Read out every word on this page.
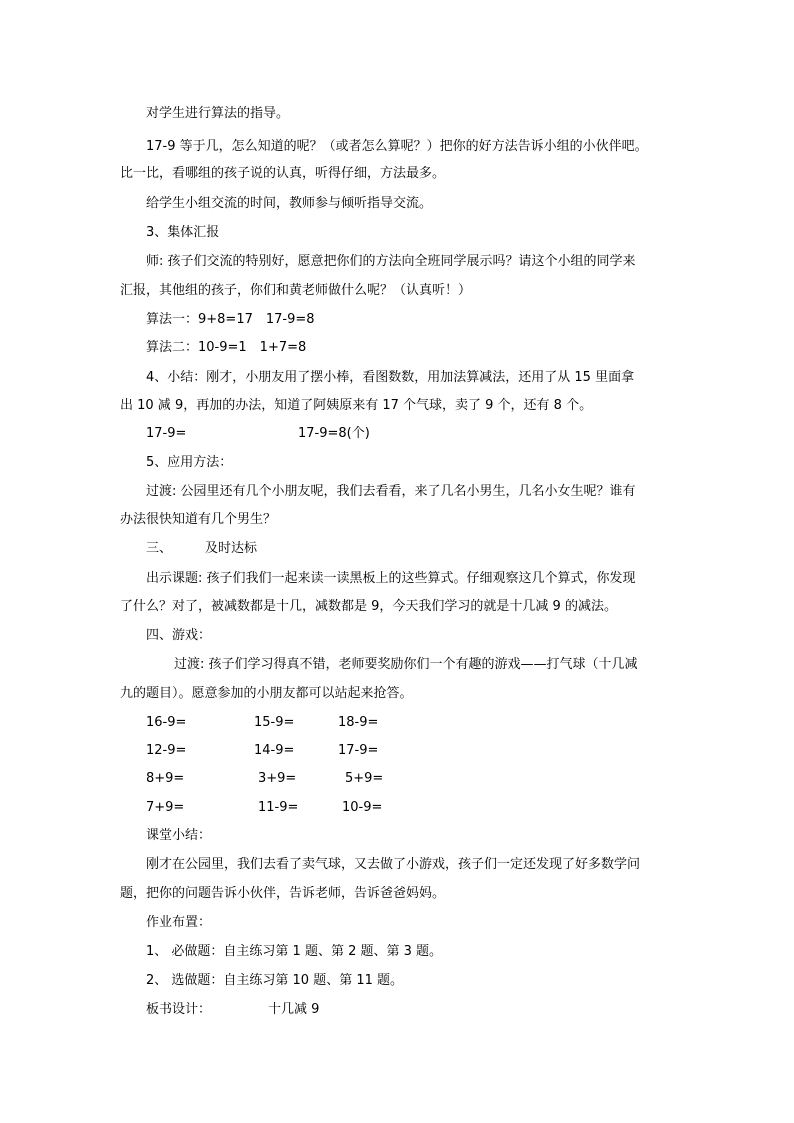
对学生进行算法的指导。
17-9 等于几，怎么知道的呢？（或者怎么算呢？）把你的好方法告诉小组的小伙伴吧。
比一比，看哪组的孩子说的认真，听得仔细，方法最多。
给学生小组交流的时间，教师参与倾听指导交流。
3、集体汇报
师: 孩子们交流的特别好，愿意把你们的方法向全班同学展示吗？请这个小组的同学来
汇报，其他组的孩子，你们和黄老师做什么呢？（认真听！）
算法一：9+8=17　17-9=8
算法二：10-9=1　1+7=8
4、小结：刚才，小朋友用了摆小棒，看图数数，用加法算减法，还用了从 15 里面拿
出 10 减 9，再加的办法，知道了阿姨原来有 17 个气球，卖了 9 个，还有 8 个。
17-9=	17-9=8(个)
5、应用方法：
过渡: 公园里还有几个小朋友呢，我们去看看，来了几名小男生，几名小女生呢？谁有
办法很快知道有几个男生？
三、	及时达标
出示课题: 孩子们我们一起来读一读黑板上的这些算式。仔细观察这几个算式，你发现
了什么？对了，被减数都是十几，减数都是 9，今天我们学习的就是十几减 9 的减法。
四、游戏：
过渡: 孩子们学习得真不错，老师要奖励你们一个有趣的游戏——打气球（十几减
九的题目）。愿意参加的小朋友都可以站起来抢答。
16-9=	15-9=	18-9=
12-9=	14-9=	17-9=
8+9=	3+9=	5+9=
7+9=	11-9=	10-9=
课堂小结：
刚才在公园里，我们去看了卖气球，又去做了小游戏，孩子们一定还发现了好多数学问
题，把你的问题告诉小伙伴，告诉老师，告诉爸爸妈妈。
作业布置：
1、 必做题：自主练习第 1 题、第 2 题、第 3 题。
2、 选做题：自主练习第 10 题、第 11 题。
板书设计：	十几减 9
